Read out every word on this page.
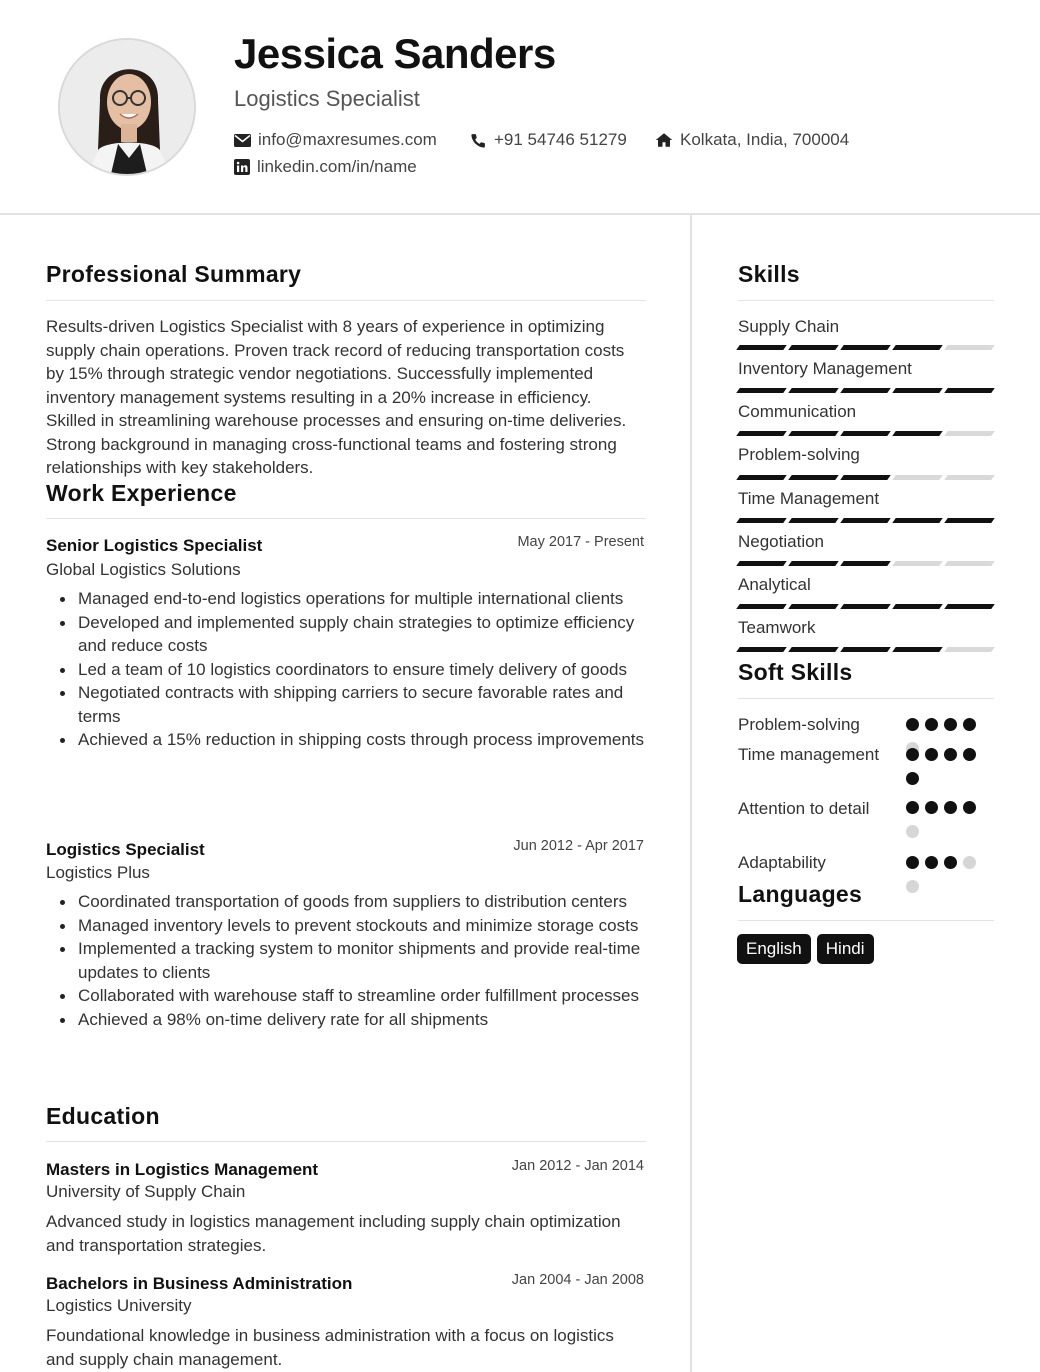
Jessica Sanders
Logistics Specialist
info@maxresumes.com	+91 54746 51279	Kolkata, India, 700004
linkedin.com/in/name
Professional Summary
Results-driven Logistics Specialist with 8 years of experience in optimizing supply chain operations. Proven track record of reducing transportation costs by 15% through strategic vendor negotiations. Successfully implemented inventory management systems resulting in a 20% increase in efficiency. Skilled in streamlining warehouse processes and ensuring on-time deliveries. Strong background in managing cross-functional teams and fostering strong relationships with key stakeholders.
Work Experience
Senior Logistics Specialist	May 2017 - Present
Global Logistics Solutions
Managed end-to-end logistics operations for multiple international clients
Developed and implemented supply chain strategies to optimize efficiency and reduce costs
Led a team of 10 logistics coordinators to ensure timely delivery of goods
Negotiated contracts with shipping carriers to secure favorable rates and terms
Achieved a 15% reduction in shipping costs through process improvements
Logistics Specialist	Jun 2012 - Apr 2017
Logistics Plus
Coordinated transportation of goods from suppliers to distribution centers
Managed inventory levels to prevent stockouts and minimize storage costs
Implemented a tracking system to monitor shipments and provide real-time updates to clients
Collaborated with warehouse staff to streamline order fulfillment processes
Achieved a 98% on-time delivery rate for all shipments
Education
Masters in Logistics Management	Jan 2012 - Jan 2014
University of Supply Chain
Advanced study in logistics management including supply chain optimization and transportation strategies.
Bachelors in Business Administration	Jan 2004 - Jan 2008
Logistics University
Foundational knowledge in business administration with a focus on logistics and supply chain management.
Skills
Supply Chain
Inventory Management
Communication
Problem-solving
Time Management
Negotiation
Analytical
Teamwork
Soft Skills
Problem-solving
Time management
Attention to detail
Adaptability
Languages
English	Hindi
